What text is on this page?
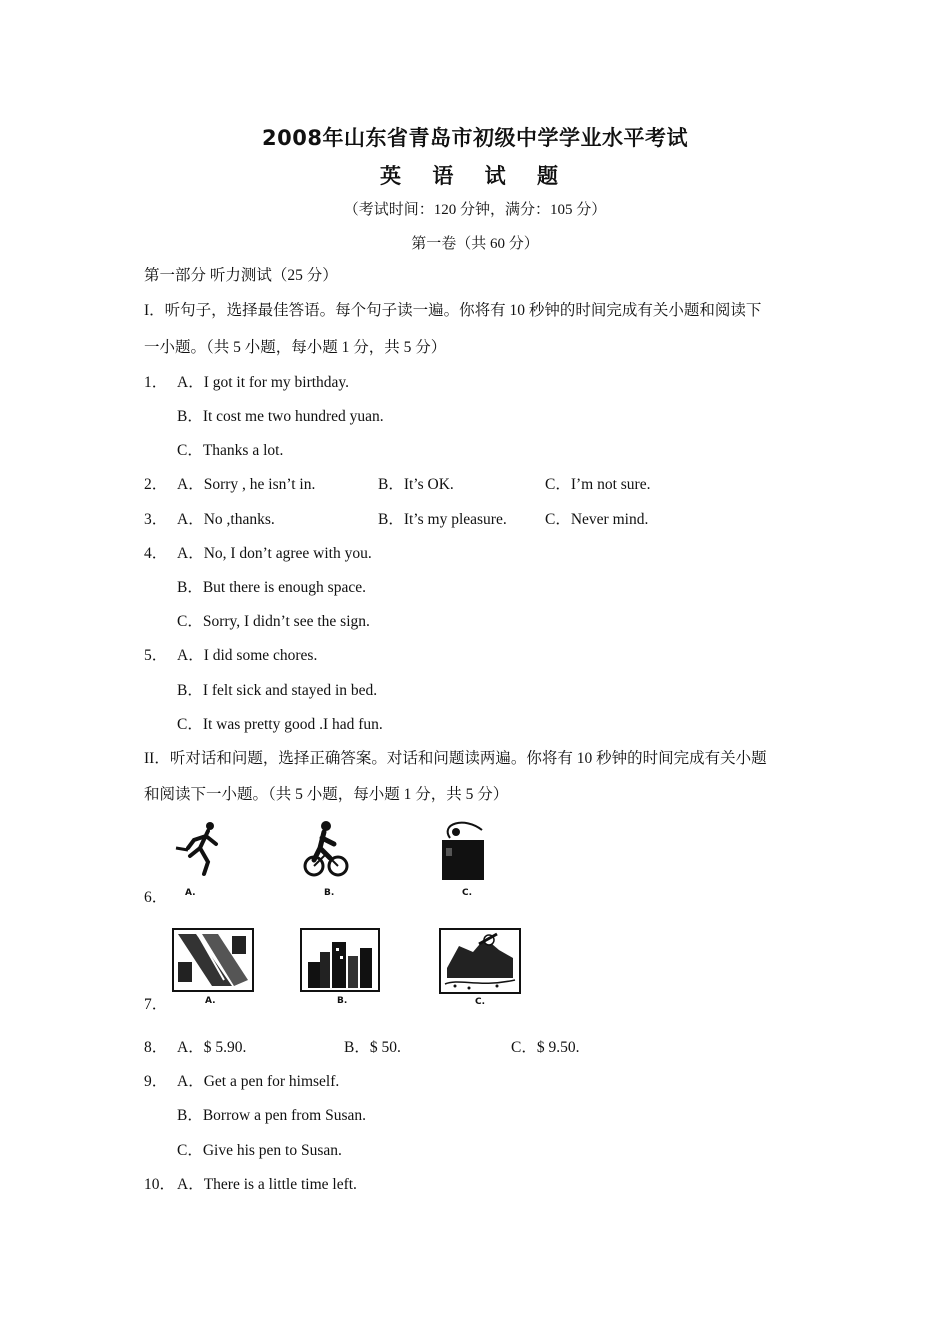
2008年山东省青岛市初级中学学业水平考试
英 语 试 题
（考试时间：120 分钟，满分：105 分）
第一卷（共 60 分）
第一部分 听力测试（25 分）
I．听句子，选择最佳答语。每个句子读一遍。你将有 10 秒钟的时间完成有关小题和阅读下
一小题。（共 5 小题，每小题 1 分，共 5 分）
1． A．I got it for my birthday.
B．It cost me two hundred yuan.
C．Thanks a lot.
2． A．Sorry , he isn’t in.	B．It’s OK.	C．I’m not sure.
3． A．No ,thanks.	B．It’s my pleasure. C．Never mind.
4． A．No, I don’t agree with you.
B．But there is enough space.
C．Sorry, I didn’t see the sign.
5． A．I did some chores.
B．I felt sick and stayed in bed.
C．It was pretty good .I had fun.
II．听对话和问题，选择正确答案。对话和问题读两遍。你将有 10 秒钟的时间完成有关小题
和阅读下一小题。（共 5 小题，每小题 1 分，共 5 分）
6． A.	B.	C.
7．	A.	B.	C.
8． A．$ 5.90.	B．$ 50.	C．$ 9.50.
9． A．Get a pen for himself.
B．Borrow a pen from Susan.
C．Give his pen to Susan.
10． A．There is a little time left.
